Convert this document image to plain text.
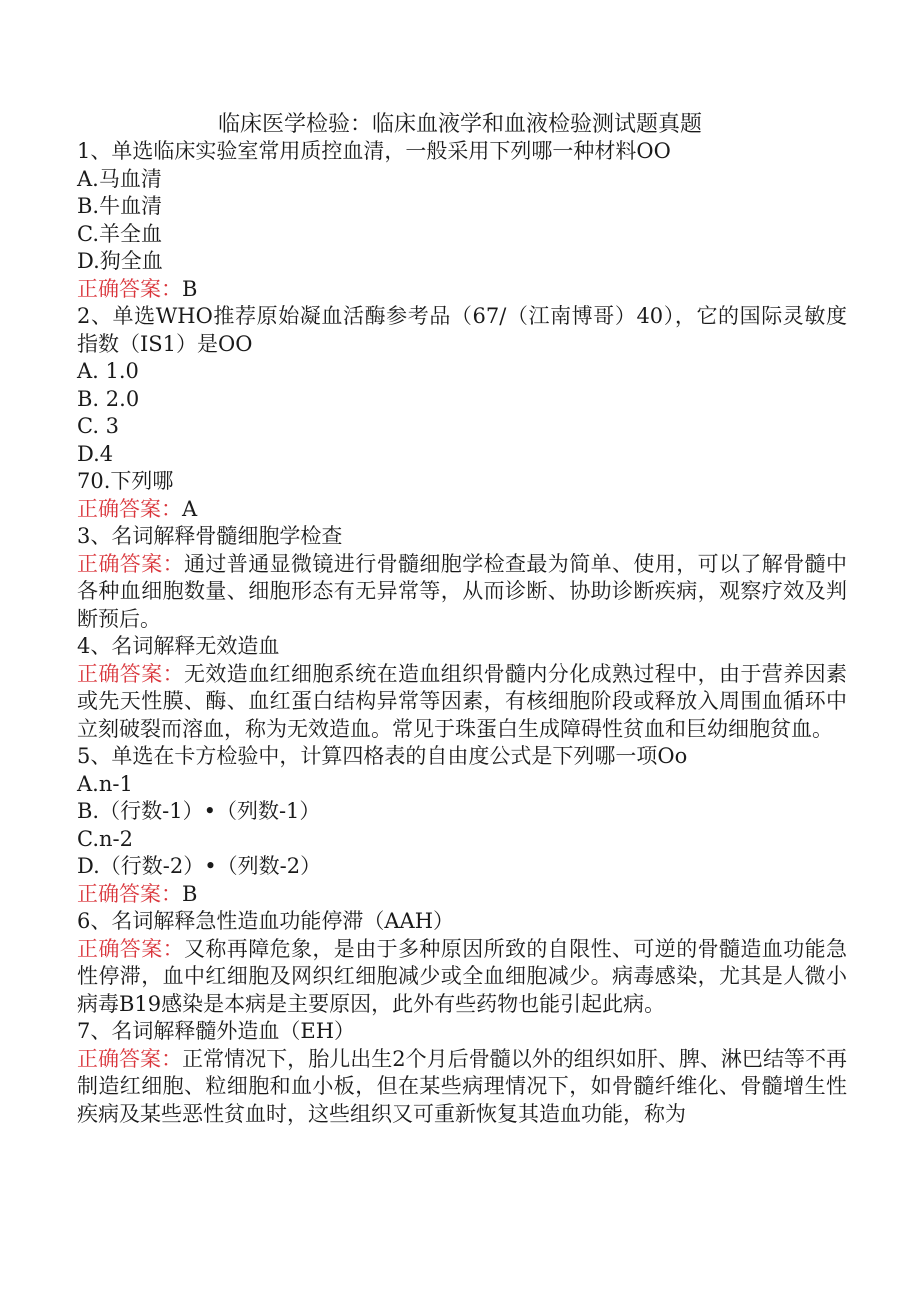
临床医学检验：临床血液学和血液检验测试题真题
1、单选临床实验室常用质控血清，一般采用下列哪一种材料OO
A.马血清
B.牛血清
C.羊全血
D.狗全血
正确答案：B
2、单选WHO推荐原始凝血活酶参考品（67/（江南博哥）40），它的国际灵敏度指数（IS1）是OO
A. 1.0
B. 2.0
C. 3
D.4
70.下列哪
正确答案：A
3、名词解释骨髓细胞学检查
正确答案：通过普通显微镜进行骨髓细胞学检查最为简单、使用，可以了解骨髓中各种血细胞数量、细胞形态有无异常等，从而诊断、协助诊断疾病，观察疗效及判断预后。
4、名词解释无效造血
正确答案：无效造血红细胞系统在造血组织骨髓内分化成熟过程中，由于营养因素或先天性膜、酶、血红蛋白结构异常等因素，有核细胞阶段或释放入周围血循环中立刻破裂而溶血，称为无效造血。常见于珠蛋白生成障碍性贫血和巨幼细胞贫血。
5、单选在卡方检验中，计算四格表的自由度公式是下列哪一项Oo
A.n-1
B.（行数-1）•（列数-1）
C.n-2
D.（行数-2）•（列数-2）
正确答案：B
6、名词解释急性造血功能停滞（AAH）
正确答案：又称再障危象，是由于多种原因所致的自限性、可逆的骨髓造血功能急性停滞，血中红细胞及网织红细胞减少或全血细胞减少。病毒感染，尤其是人微小病毒B19感染是本病是主要原因，此外有些药物也能引起此病。
7、名词解释髓外造血（EH）
正确答案：正常情况下，胎儿出生2个月后骨髓以外的组织如肝、脾、淋巴结等不再制造红细胞、粒细胞和血小板，但在某些病理情况下，如骨髓纤维化、骨髓增生性疾病及某些恶性贫血时，这些组织又可重新恢复其造血功能，称为
